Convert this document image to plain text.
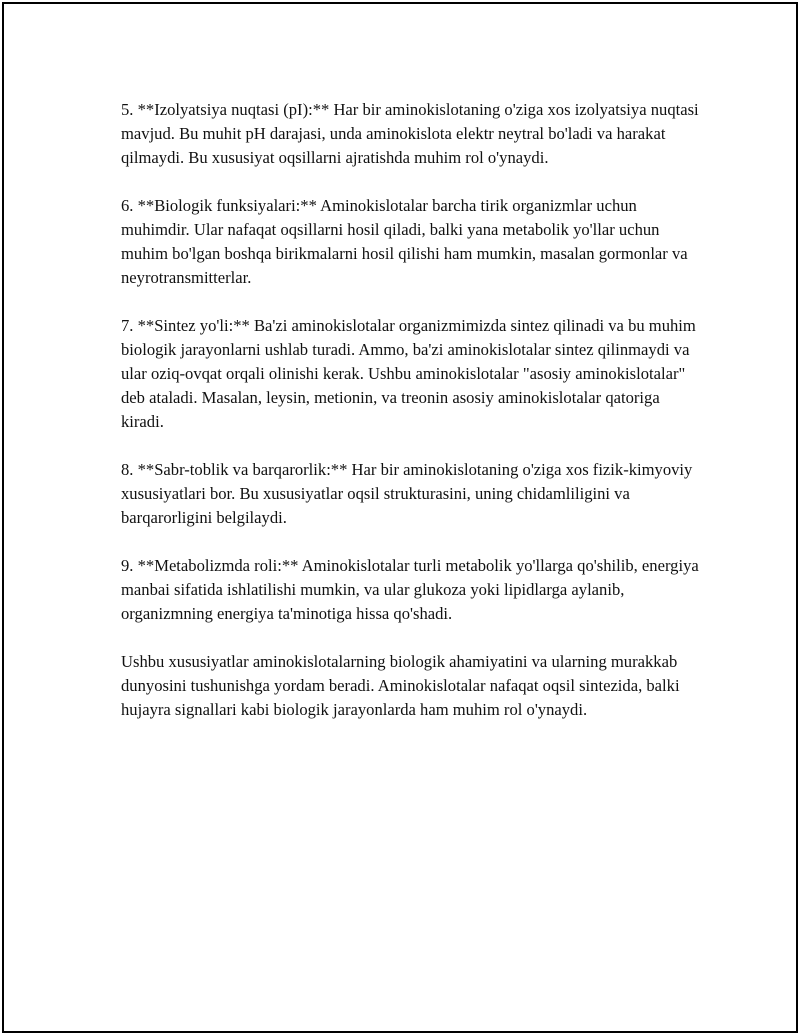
5. **Izolyatsiya nuqtasi (pI):** Har bir aminokislotaning o'ziga xos izolyatsiya nuqtasi mavjud. Bu muhit pH darajasi, unda aminokislota elektr neytral bo'ladi va harakat qilmaydi. Bu xususiyat oqsillarni ajratishda muhim rol o'ynaydi.

6. **Biologik funksiyalari:** Aminokislotalar barcha tirik organizmlar uchun muhimdir. Ular nafaqat oqsillarni hosil qiladi, balki yana metabolik yo'llar uchun muhim bo'lgan boshqa birikmalarni hosil qilishi ham mumkin, masalan gormonlar va neyrotransmitterlar.

7. **Sintez yo'li:** Ba'zi aminokislotalar organizmimizda sintez qilinadi va bu muhim biologik jarayonlarni ushlab turadi. Ammo, ba'zi aminokislotalar sintez qilinmaydi va ular oziq-ovqat orqali olinishi kerak. Ushbu aminokislotalar "asosiy aminokislotalar" deb ataladi. Masalan, leysin, metionin, va treonin asosiy aminokislotalar qatoriga kiradi.

8. **Sabr-toblik va barqarorlik:** Har bir aminokislotaning o'ziga xos fizik-kimyoviy xususiyatlari bor. Bu xususiyatlar oqsil strukturasini, uning chidamliligini va barqarorligini belgilaydi.

9. **Metabolizmda roli:** Aminokislotalar turli metabolik yo'llarga qo'shilib, energiya manbai sifatida ishlatilishi mumkin, va ular glukoza yoki lipidlarga aylanib, organizmning energiya ta'minotiga hissa qo'shadi.

Ushbu xususiyatlar aminokislotalarning biologik ahamiyatini va ularning murakkab dunyosini tushunishga yordam beradi. Aminokislotalar nafaqat oqsil sintezida, balki hujayra signallari kabi biologik jarayonlarda ham muhim rol o'ynaydi.
